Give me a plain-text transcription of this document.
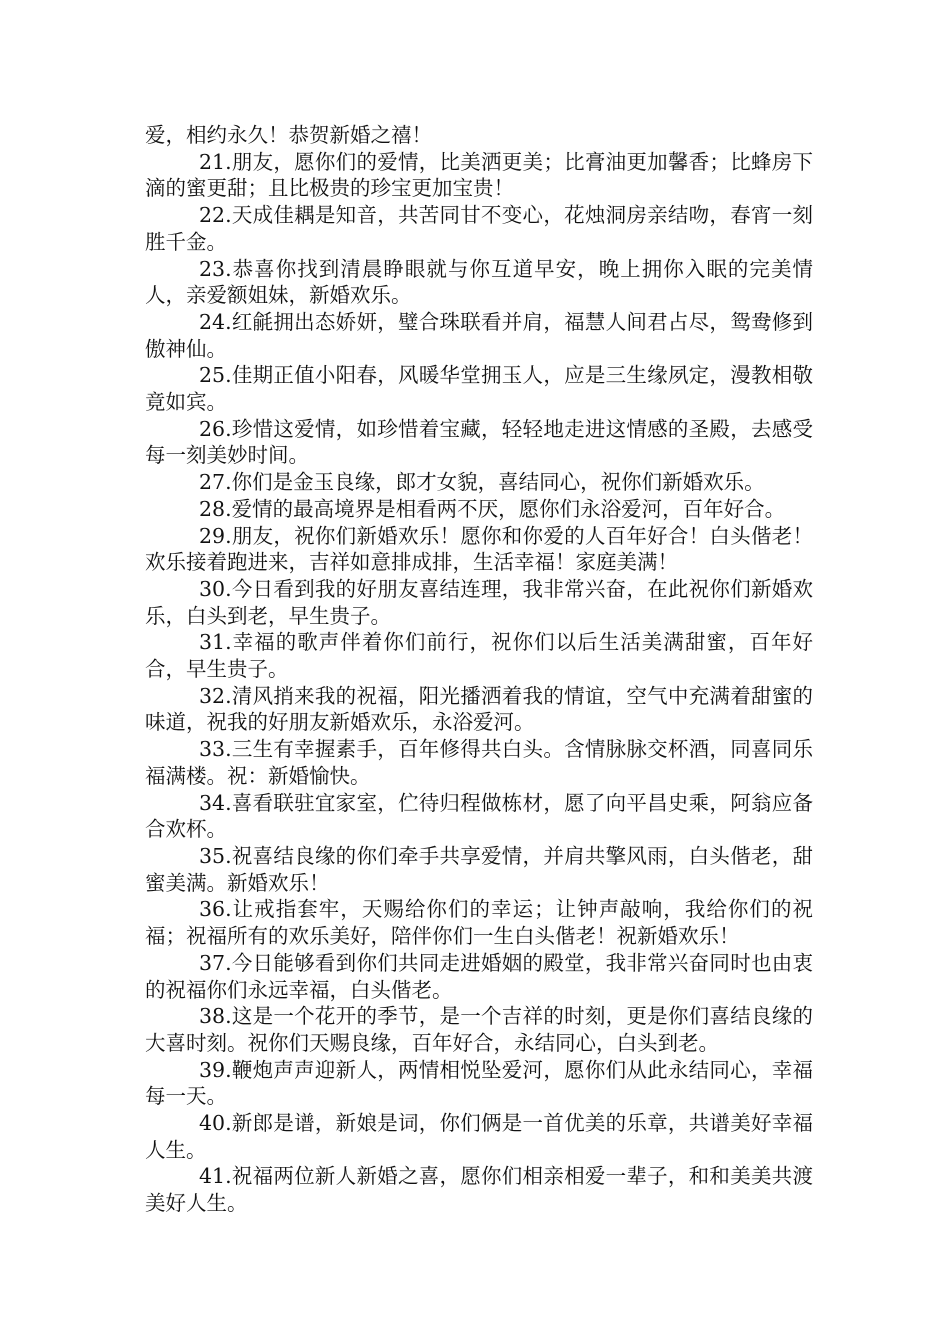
爱，相约永久！恭贺新婚之禧！

21.朋友，愿你们的爱情，比美洒更美；比膏油更加馨香；比蜂房下滴的蜜更甜；且比极贵的珍宝更加宝贵！

22.天成佳耦是知音，共苦同甘不变心，花烛洞房亲结吻，春宵一刻胜千金。

23.恭喜你找到清晨睁眼就与你互道早安，晚上拥你入眠的完美情人，亲爱额姐妹，新婚欢乐。

24.红毹拥出态娇妍，璧合珠联看并肩，福慧人间君占尽，鸳鸯修到傲神仙。

25.佳期正值小阳春，风暖华堂拥玉人，应是三生缘夙定，漫教相敬竟如宾。

26.珍惜这爱情，如珍惜着宝藏，轻轻地走进这情感的圣殿，去感受每一刻美妙时间。

27.你们是金玉良缘，郎才女貌，喜结同心，祝你们新婚欢乐。

28.爱情的最高境界是相看两不厌，愿你们永浴爱河，百年好合。

29.朋友，祝你们新婚欢乐！愿你和你爱的人百年好合！白头偕老！欢乐接着跑进来，吉祥如意排成排，生活幸福！家庭美满！

30.今日看到我的好朋友喜结连理，我非常兴奋，在此祝你们新婚欢乐，白头到老，早生贵子。

31.幸福的歌声伴着你们前行，祝你们以后生活美满甜蜜，百年好合，早生贵子。

32.清风捎来我的祝福，阳光播洒着我的情谊，空气中充满着甜蜜的味道，祝我的好朋友新婚欢乐，永浴爱河。

33.三生有幸握素手，百年修得共白头。含情脉脉交杯酒，同喜同乐福满楼。祝：新婚愉快。

34.喜看联驻宜家室，伫待归程做栋材，愿了向平昌史乘，阿翁应备合欢杯。

35.祝喜结良缘的你们牵手共享爱情，并肩共擎风雨，白头偕老，甜蜜美满。新婚欢乐！

36.让戒指套牢，天赐给你们的幸运；让钟声敲响，我给你们的祝福；祝福所有的欢乐美好，陪伴你们一生白头偕老！祝新婚欢乐！

37.今日能够看到你们共同走进婚姻的殿堂，我非常兴奋同时也由衷的祝福你们永远幸福，白头偕老。

38.这是一个花开的季节，是一个吉祥的时刻，更是你们喜结良缘的大喜时刻。祝你们天赐良缘，百年好合，永结同心，白头到老。

39.鞭炮声声迎新人，两情相悦坠爱河，愿你们从此永结同心，幸福每一天。

40.新郎是谱，新娘是词，你们俩是一首优美的乐章，共谱美好幸福人生。

41.祝福两位新人新婚之喜，愿你们相亲相爱一辈子，和和美美共渡美好人生。
